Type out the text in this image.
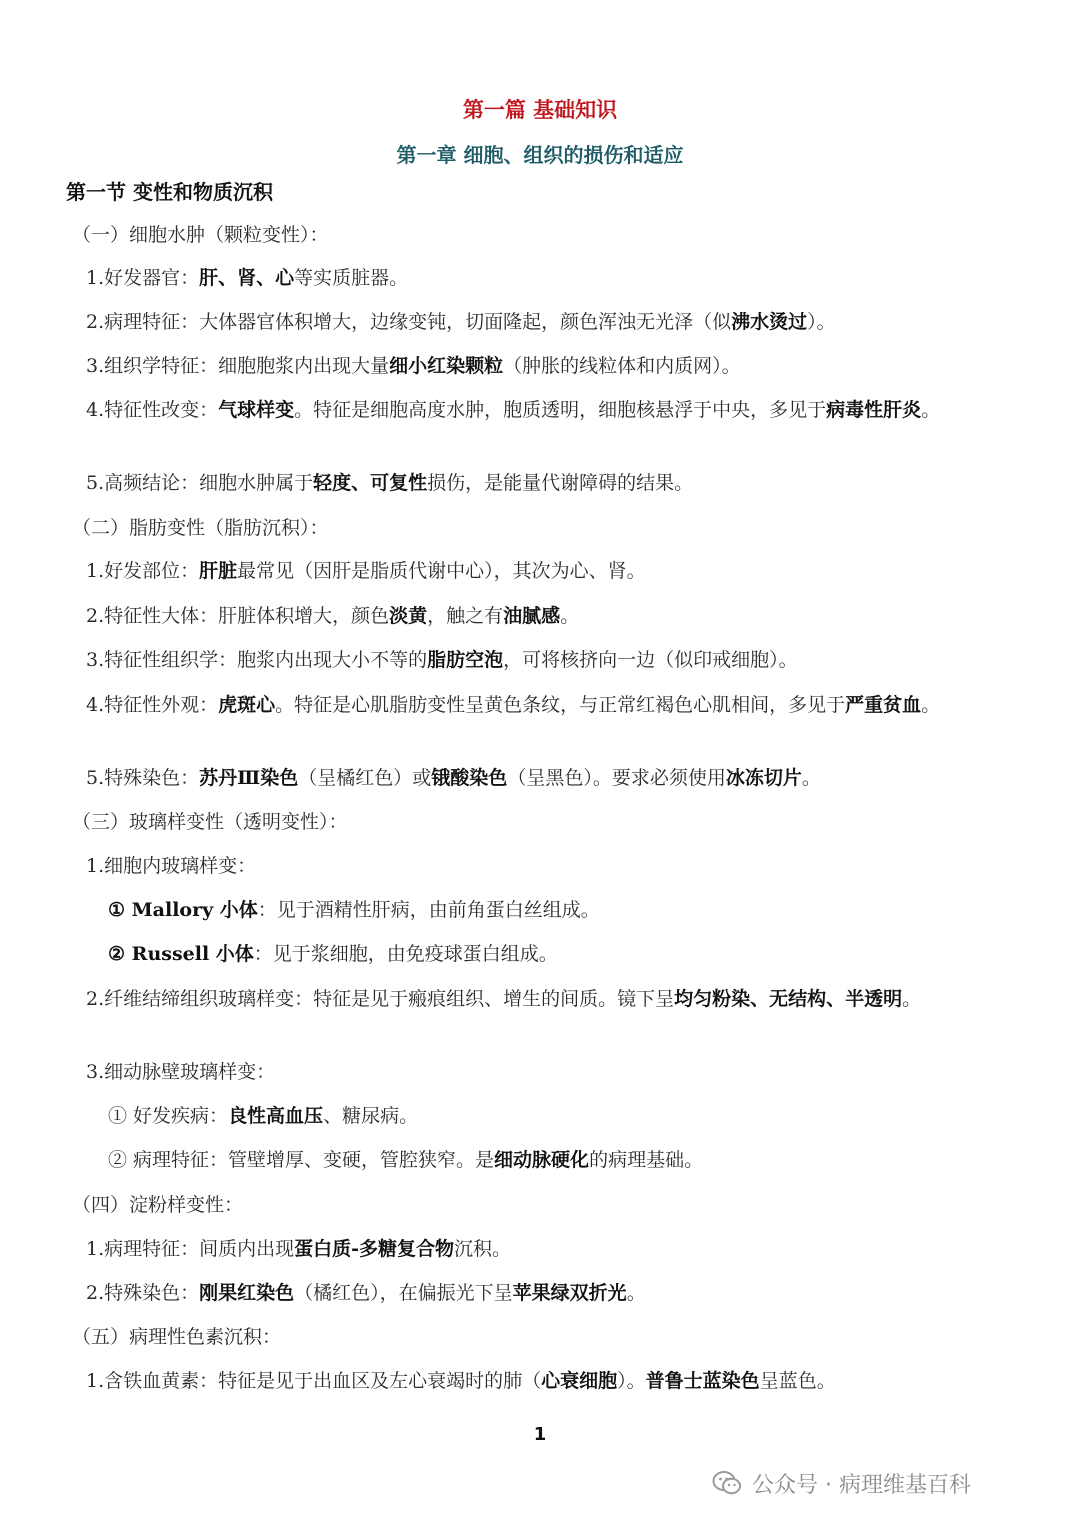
第一篇 基础知识
第一章 细胞、组织的损伤和适应
第一节 变性和物质沉积
（一）细胞水肿（颗粒变性）：
1.好发器官：肝、肾、心等实质脏器。
2.病理特征：大体器官体积增大，边缘变钝，切面隆起，颜色浑浊无光泽（似沸水烫过）。
3.组织学特征：细胞胞浆内出现大量细小红染颗粒（肿胀的线粒体和内质网）。
4.特征性改变：气球样变。特征是细胞高度水肿，胞质透明，细胞核悬浮于中央，多见于病毒性肝炎。
5.高频结论：细胞水肿属于轻度、可复性损伤，是能量代谢障碍的结果。
（二）脂肪变性（脂肪沉积）：
1.好发部位：肝脏最常见（因肝是脂质代谢中心），其次为心、肾。
2.特征性大体：肝脏体积增大，颜色淡黄，触之有油腻感。
3.特征性组织学：胞浆内出现大小不等的脂肪空泡，可将核挤向一边（似印戒细胞）。
4.特征性外观：虎斑心。特征是心肌脂肪变性呈黄色条纹，与正常红褐色心肌相间，多见于严重贫血。
5.特殊染色：苏丹Ⅲ染色（呈橘红色）或锇酸染色（呈黑色）。要求必须使用冰冻切片。
（三）玻璃样变性（透明变性）：
1.细胞内玻璃样变：
① Mallory 小体：见于酒精性肝病，由前角蛋白丝组成。
② Russell 小体：见于浆细胞，由免疫球蛋白组成。
2.纤维结缔组织玻璃样变：特征是见于瘢痕组织、增生的间质。镜下呈均匀粉染、无结构、半透明。
3.细动脉壁玻璃样变：
① 好发疾病：良性高血压、糖尿病。
② 病理特征：管壁增厚、变硬，管腔狭窄。是细动脉硬化的病理基础。
（四）淀粉样变性：
1.病理特征：间质内出现蛋白质-多糖复合物沉积。
2.特殊染色：刚果红染色（橘红色），在偏振光下呈苹果绿双折光。
（五）病理性色素沉积：
1.含铁血黄素：特征是见于出血区及左心衰竭时的肺（心衰细胞）。普鲁士蓝染色呈蓝色。
1
公众号 · 病理维基百科
